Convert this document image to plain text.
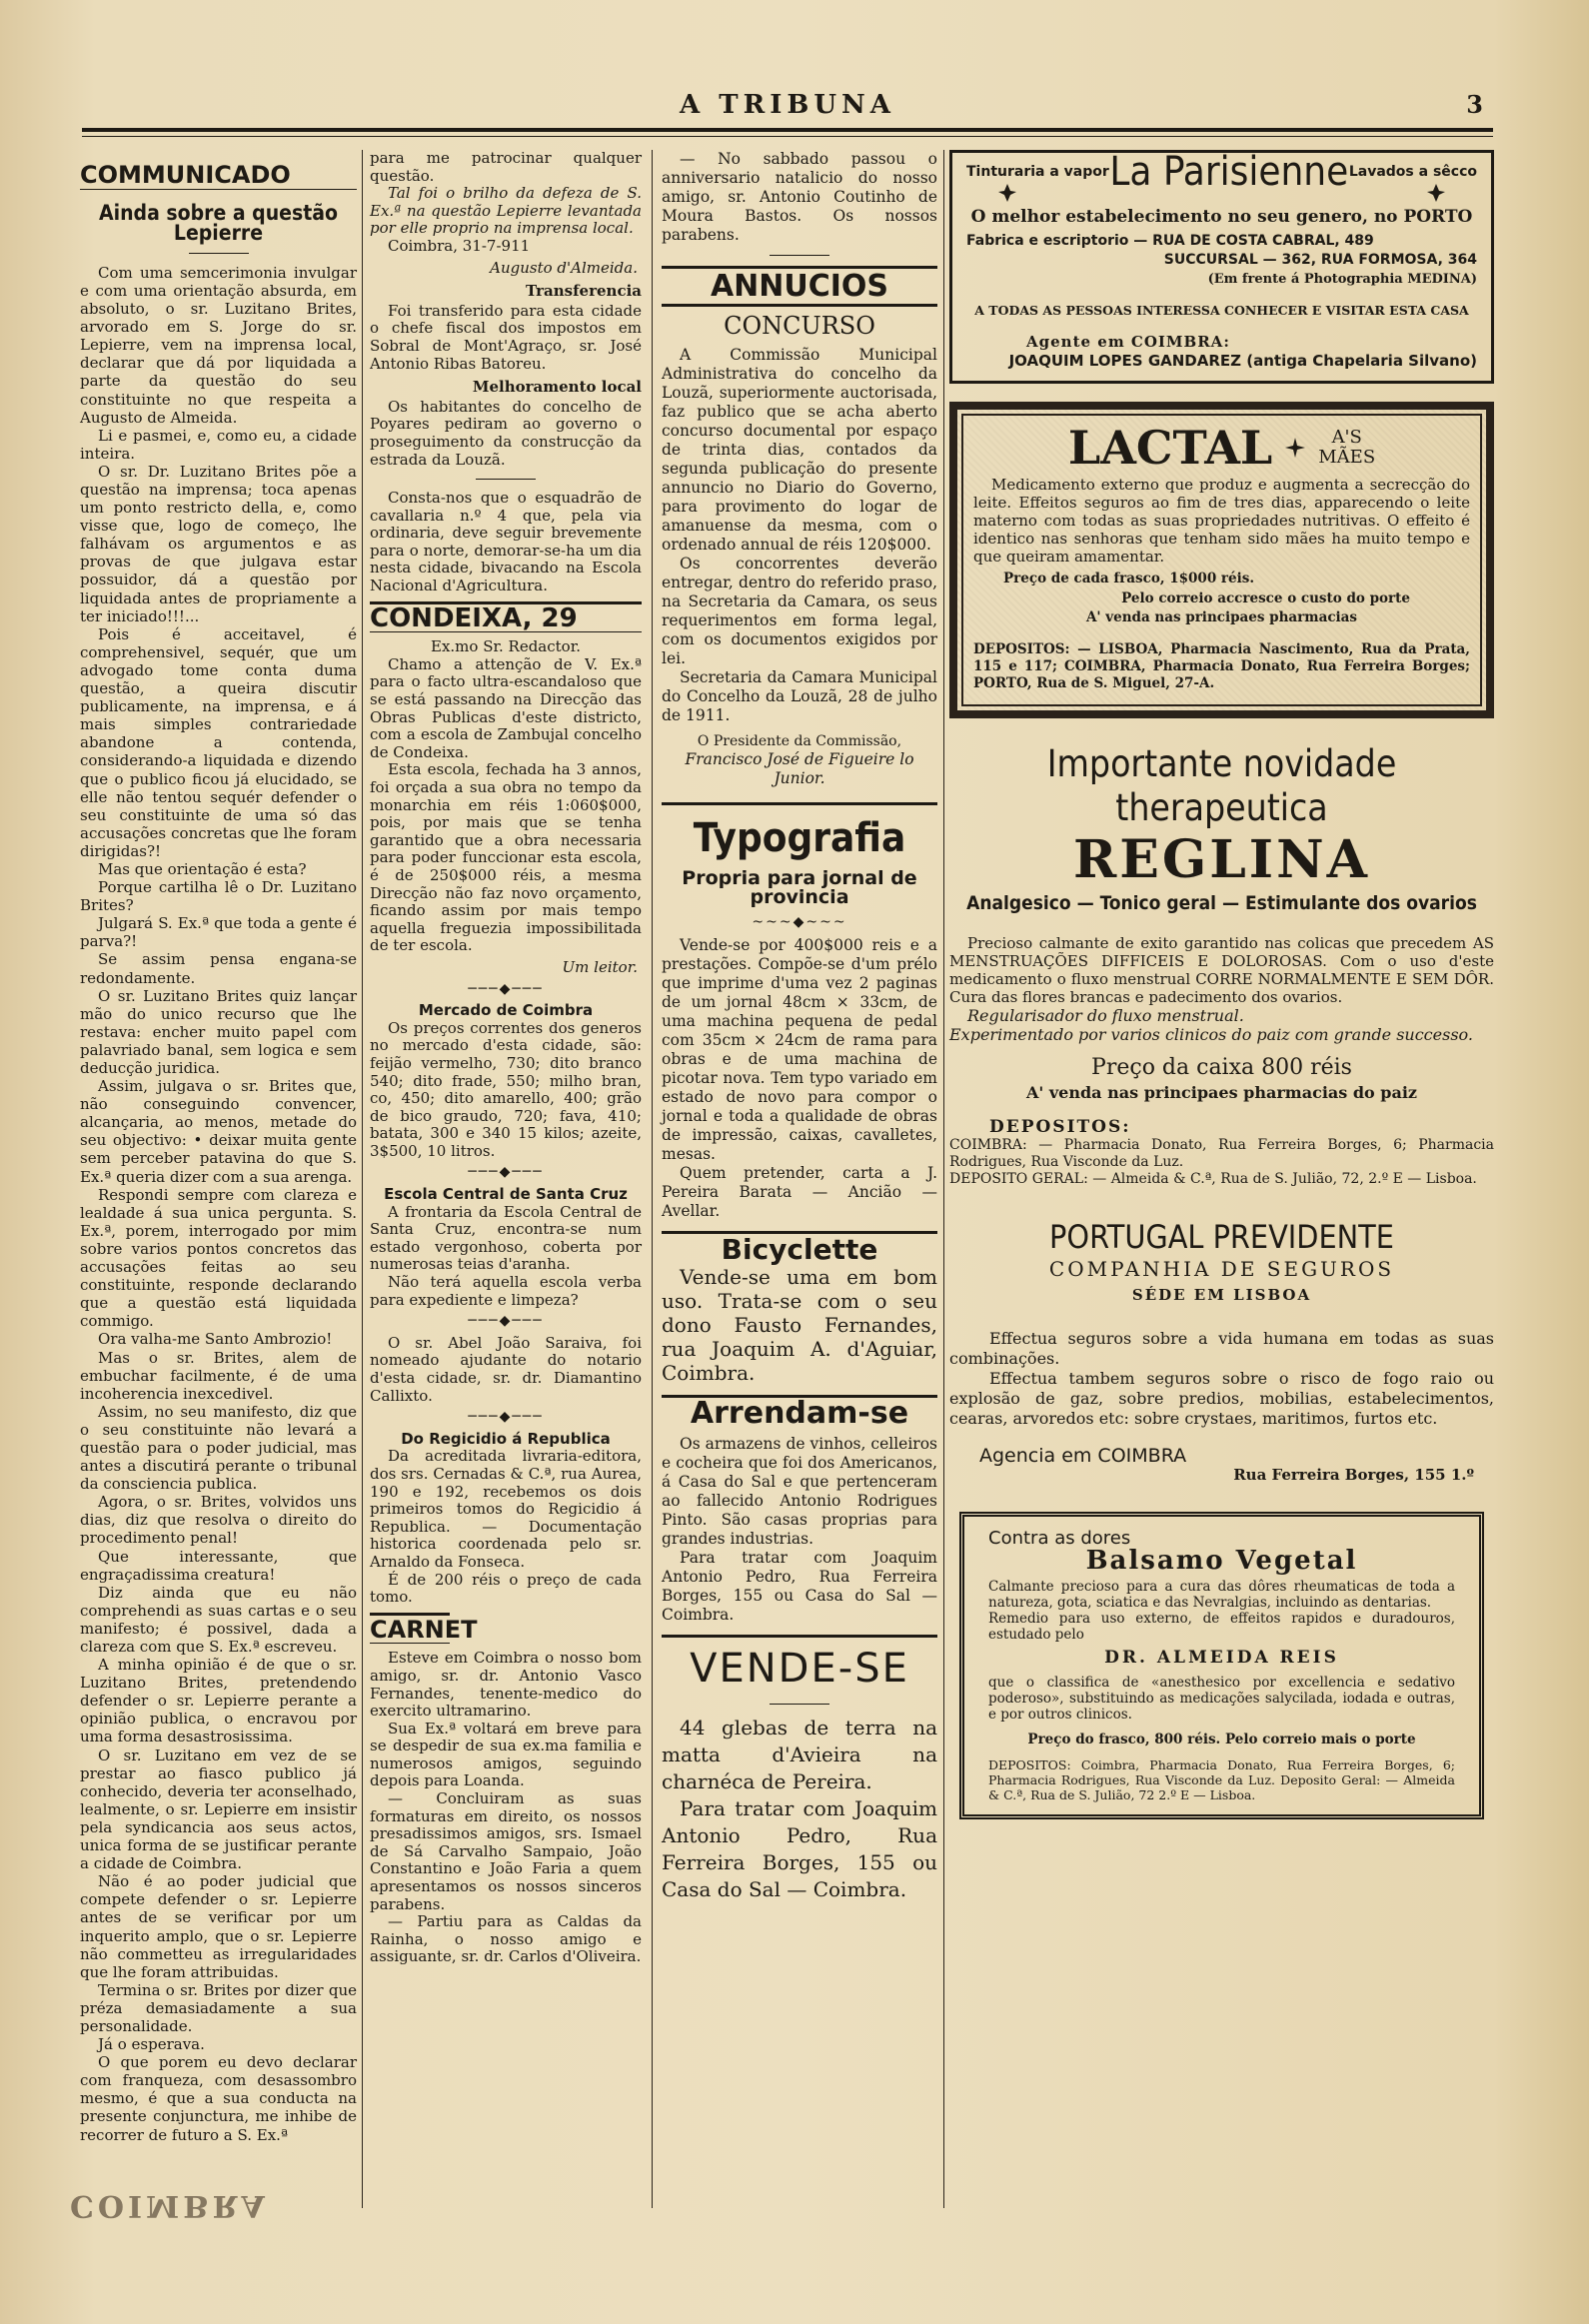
A TRIBUNA	3
COMMUNICADO
Ainda sobre a questão Lepierre

Com uma semcerimonia invulgar e com uma orientação absurda, em absoluto, o sr. Luzitano Brites, arvorado em S. Jorge do sr. Lepierre, vem na imprensa local, declarar que dá por liquidada a parte da questão do seu constituinte no que respeita a Augusto de Almeida.

Li e pasmei, e, como eu, a cidade inteira.

O sr. Dr. Luzitano Brites põe a questão na imprensa; toca apenas um ponto restricto della, e, como visse que, logo de começo, lhe falhávam os argumentos e as provas de que julgava estar possuidor, dá a questão por liquidada antes de propriamente a ter iniciado!!!...

Pois é acceitavel, é comprehensivel, sequér, que um advogado tome conta duma questão, a queira discutir publicamente, na imprensa, e á mais simples contrariedade abandone a contenda, considerando-a liquidada e dizendo que o publico ficou já elucidado, se elle não tentou sequér defender o seu constituinte de uma só das accusações concretas que lhe foram dirigidas?!

Mas que orientação é esta?

Porque cartilha lê o Dr. Luzitano Brites?

Julgará S. Ex.ª que toda a gente é parva?!

Se assim pensa engana-se redondamente.

O sr. Luzitano Brites quiz lançar mão do unico recurso que lhe restava: encher muito papel com palavriado banal, sem logica e sem deducção juridica.

Assim, julgava o sr. Brites que, não conseguindo convencer, alcançaria, ao menos, metade do seu objectivo: • deixar muita gente sem perceber patavina do que S. Ex.ª queria dizer com a sua arenga.

Respondi sempre com clareza e lealdade á sua unica pergunta. S. Ex.ª, porem, interrogado por mim sobre varios pontos concretos das accusações feitas ao seu constituinte, responde declarando que a questão está liquidada commigo.

Ora valha-me Santo Ambrozio!

Mas o sr. Brites, alem de embuchar facilmente, é de uma incoherencia inexcedivel.

Assim, no seu manifesto, diz que o seu constituinte não levará a questão para o poder judicial, mas antes a discutirá perante o tribunal da consciencia publica.

Agora, o sr. Brites, volvidos uns dias, diz que resolva o direito do procedimento penal!

Que interessante, que engraçadissima creatura!

Diz ainda que eu não comprehendi as suas cartas e o seu manifesto; é possivel, dada a clareza com que S. Ex.ª escreveu.

A minha opinião é de que o sr. Luzitano Brites, pretendendo defender o sr. Lepierre perante a opinião publica, o encravou por uma forma desastrosissima.

O sr. Luzitano em vez de se prestar ao fiasco publico já conhecido, deveria ter aconselhado, lealmente, o sr. Lepierre em insistir pela syndicancia aos seus actos, unica forma de se justificar perante a cidade de Coimbra.

Não é ao poder judicial que compete defender o sr. Lepierre antes de se verificar por um inquerito amplo, que o sr. Lepierre não commetteu as irregularidades que lhe foram attribuidas.

Termina o sr. Brites por dizer que préza demasiadamente a sua personalidade.

Já o esperava.

O que porem eu devo declarar com franqueza, com desassombro mesmo, é que a sua conducta na presente conjunctura, me inhibe de recorrer de futuro a S. Ex.ª

para me patrocinar qualquer questão.

Tal foi o brilho da defeza de S. Ex.ª na questão Lepierre levantada por elle proprio na imprensa local.

Coimbra, 31-7-911

Augusto d'Almeida.
Transferencia

Foi transferido para esta cidade o chefe fiscal dos impostos em Sobral de Mont'Agraço, sr. José Antonio Ribas Batoreu.

Melhoramento local

Os habitantes do concelho de Poyares pediram ao governo o proseguimento da construcção da estrada da Louzã.

Consta-nos que o esquadrão de cavallaria n.º 4 que, pela via ordinaria, deve seguir brevemente para o norte, demorar-se-ha um dia nesta cidade, bivacando na Escola Nacional d'Agricultura.

CONDEIXA, 29
Ex.mo Sr. Redactor.

Chamo a attenção de V. Ex.ª para o facto ultra-escandaloso que se está passando na Direcção das Obras Publicas d'este districto, com a escola de Zambujal concelho de Condeixa.

Esta escola, fechada ha 3 annos, foi orçada a sua obra no tempo da monarchia em réis 1:060$000, pois, por mais que se tenha garantido que a obra necessaria para poder funccionar esta escola, é de 250$000 réis, a mesma Direcção não faz novo orçamento, ficando assim por mais tempo aquella freguezia impossibilitada de ter escola.

Um leitor.
───◆───
Mercado de Coimbra

Os preços correntes dos generos no mercado d'esta cidade, são: feijão vermelho, 730; dito branco 540; dito frade, 550; milho bran, co, 450; dito amarello, 400; grão de bico graudo, 720; fava, 410; batata, 300 e 340 15 kilos; azeite, 3$500, 10 litros.

───◆───
Escola Central de Santa Cruz

A frontaria da Escola Central de Santa Cruz, encontra-se num estado vergonhoso, coberta por numerosas teias d'aranha.

Não terá aquella escola verba para expediente e limpeza?

───◆───

O sr. Abel João Saraiva, foi nomeado ajudante do notario d'esta cidade, sr. dr. Diamantino Callixto.

───◆───
Do Regicidio á Republica

Da acreditada livraria-editora, dos srs. Cernadas & C.ª, rua Aurea, 190 e 192, recebemos os dois primeiros tomos do Regicidio á Republica. — Documentação historica coordenada pelo sr. Arnaldo da Fonseca.

É de 200 réis o preço de cada tomo.

CARNET

Esteve em Coimbra o nosso bom amigo, sr. dr. Antonio Vasco Fernandes, tenente-medico do exercito ultramarino.

Sua Ex.ª voltará em breve para se despedir de sua ex.ma familia e numerosos amigos, seguindo depois para Loanda.

— Concluiram as suas formaturas em direito, os nossos presadissimos amigos, srs. Ismael de Sá Carvalho Sampaio, João Constantino e João Faria a quem apresentamos os nossos sinceros parabens.

— Partiu para as Caldas da Rainha, o nosso amigo e assiguante, sr. dr. Carlos d'Oliveira.

— No sabbado passou o anniversario natalicio do nosso amigo, sr. Antonio Coutinho de Moura Bastos. Os nossos parabens.

ANNUCIOS
CONCURSO

A Commissão Municipal Administrativa do concelho da Louzã, superiormente auctorisada, faz publico que se acha aberto concurso documental por espaço de trinta dias, contados da segunda publicação do presente annuncio no Diario do Governo, para provimento do logar de amanuense da mesma, com o ordenado annual de réis 120$000.

Os concorrentes deverão entregar, dentro do referido praso, na Secretaria da Camara, os seus requerimentos em forma legal, com os documentos exigidos por lei.

Secretaria da Camara Municipal do Concelho da Louzã, 28 de julho de 1911.

O Presidente da Commissão,
Francisco José de Figueire lo Junior.
Typografia
Propria para jornal de provincia
~~~◆~~~

Vende-se por 400$000 reis e a prestações. Compõe-se d'um prélo que imprime d'uma vez 2 paginas de um jornal 48cm × 33cm, de uma machina pequena de pedal com 35cm × 24cm de rama para obras e de uma machina de picotar nova. Tem typo variado em estado de novo para compor o jornal e toda a qualidade de obras de impressão, caixas, cavalletes, mesas.

Quem pretender, carta a J. Pereira Barata — Ancião — Avellar.

Bicyclette

Vende-se uma em bom uso. Trata-se com o seu dono Fausto Fernandes, rua Joaquim A. d'Aguiar, Coimbra.

Arrendam-se

Os armazens de vinhos, celleiros e cocheira que foi dos Americanos, á Casa do Sal e que pertenceram ao fallecido Antonio Rodrigues Pinto. São casas proprias para grandes industrias.

Para tratar com Joaquim Antonio Pedro, Rua Ferreira Borges, 155 ou Casa do Sal — Coimbra.

VENDE-SE

44 glebas de terra na matta d'Avieira na charnéca de Pereira.

Para tratar com Joaquim Antonio Pedro, Rua Ferreira Borges, 155 ou Casa do Sal — Coimbra.

Tinturaria a vapor La Parisienne Lavados a sêcco
O melhor estabelecimento no seu genero, no PORTO
Fabrica e escriptorio — RUA DE COSTA CABRAL, 489
SUCCURSAL — 362, RUA FORMOSA, 364
(Em frente á Photographia MEDINA)
A TODAS AS PESSOAS INTERESSA CONHECER E VISITAR ESTA CASA
Agente em COIMBRA:
JOAQUIM LOPES GANDAREZ (antiga Chapelaria Silvano)
LACTAL	A'S
MÃES

Medicamento externo que produz e augmenta a secrecção do leite. Effeitos seguros ao fim de tres dias, apparecendo o leite materno com todas as suas propriedades nutritivas. O effeito é identico nas senhoras que tenham sido mães ha muito tempo e que queiram amamentar.

Preço de cada frasco, 1$000 réis.
Pelo correio accresce o custo do porte
A' venda nas principaes pharmacias
DEPOSITOS: — LISBOA, Pharmacia Nascimento, Rua da Prata, 115 e 117; COIMBRA, Pharmacia Donato, Rua Ferreira Borges; PORTO, Rua de S. Miguel, 27-A.
Importante novidade therapeutica
REGLINA
Analgesico — Tonico geral — Estimulante dos ovarios

Precioso calmante de exito garantido nas colicas que precedem AS MENSTRUAÇÕES DIFFICEIS E DOLOROSAS. Com o uso d'este medicamento o fluxo menstrual CORRE NORMALMENTE E SEM DÔR. Cura das flores brancas e padecimento dos ovarios.

Regularisador do fluxo menstrual.

Experimentado por varios clinicos do paiz com grande successo.

Preço da caixa 800 réis
A' venda nas principaes pharmacias do paiz
DEPOSITOS:
COIMBRA: — Pharmacia Donato, Rua Ferreira Borges, 6; Pharmacia Rodrigues, Rua Visconde da Luz.
DEPOSITO GERAL: — Almeida & C.ª, Rua de S. Julião, 72, 2.º E — Lisboa.
PORTUGAL PREVIDENTE
COMPANHIA DE SEGUROS
SÉDE EM LISBOA

Effectua seguros sobre a vida humana em todas as suas combinações.

Effectua tambem seguros sobre o risco de fogo raio ou explosão de gaz, sobre predios, mobilias, estabelecimentos, cearas, arvoredos etc: sobre crystaes, maritimos, furtos etc.

Agencia em COIMBRA
Rua Ferreira Borges, 155 1.º
Contra as dores
Balsamo Vegetal
Calmante precioso para a cura das dôres rheumaticas de toda a natureza, gota, sciatica e das Nevralgias, incluindo as dentarias.
Remedio para uso externo, de effeitos rapidos e duradouros, estudado pelo
DR. ALMEIDA REIS
que o classifica de «anesthesico por excellencia e sedativo poderoso», substituindo as medicações salycilada, iodada e outras, e por outros clinicos.
Preço do frasco, 800 réis. Pelo correio mais o porte
DEPOSITOS: Coimbra, Pharmacia Donato, Rua Ferreira Borges, 6; Pharmacia Rodrigues, Rua Visconde da Luz. Deposito Geral: — Almeida & C.ª, Rua de S. Julião, 72 2.º E — Lisboa.
COIMBRA
